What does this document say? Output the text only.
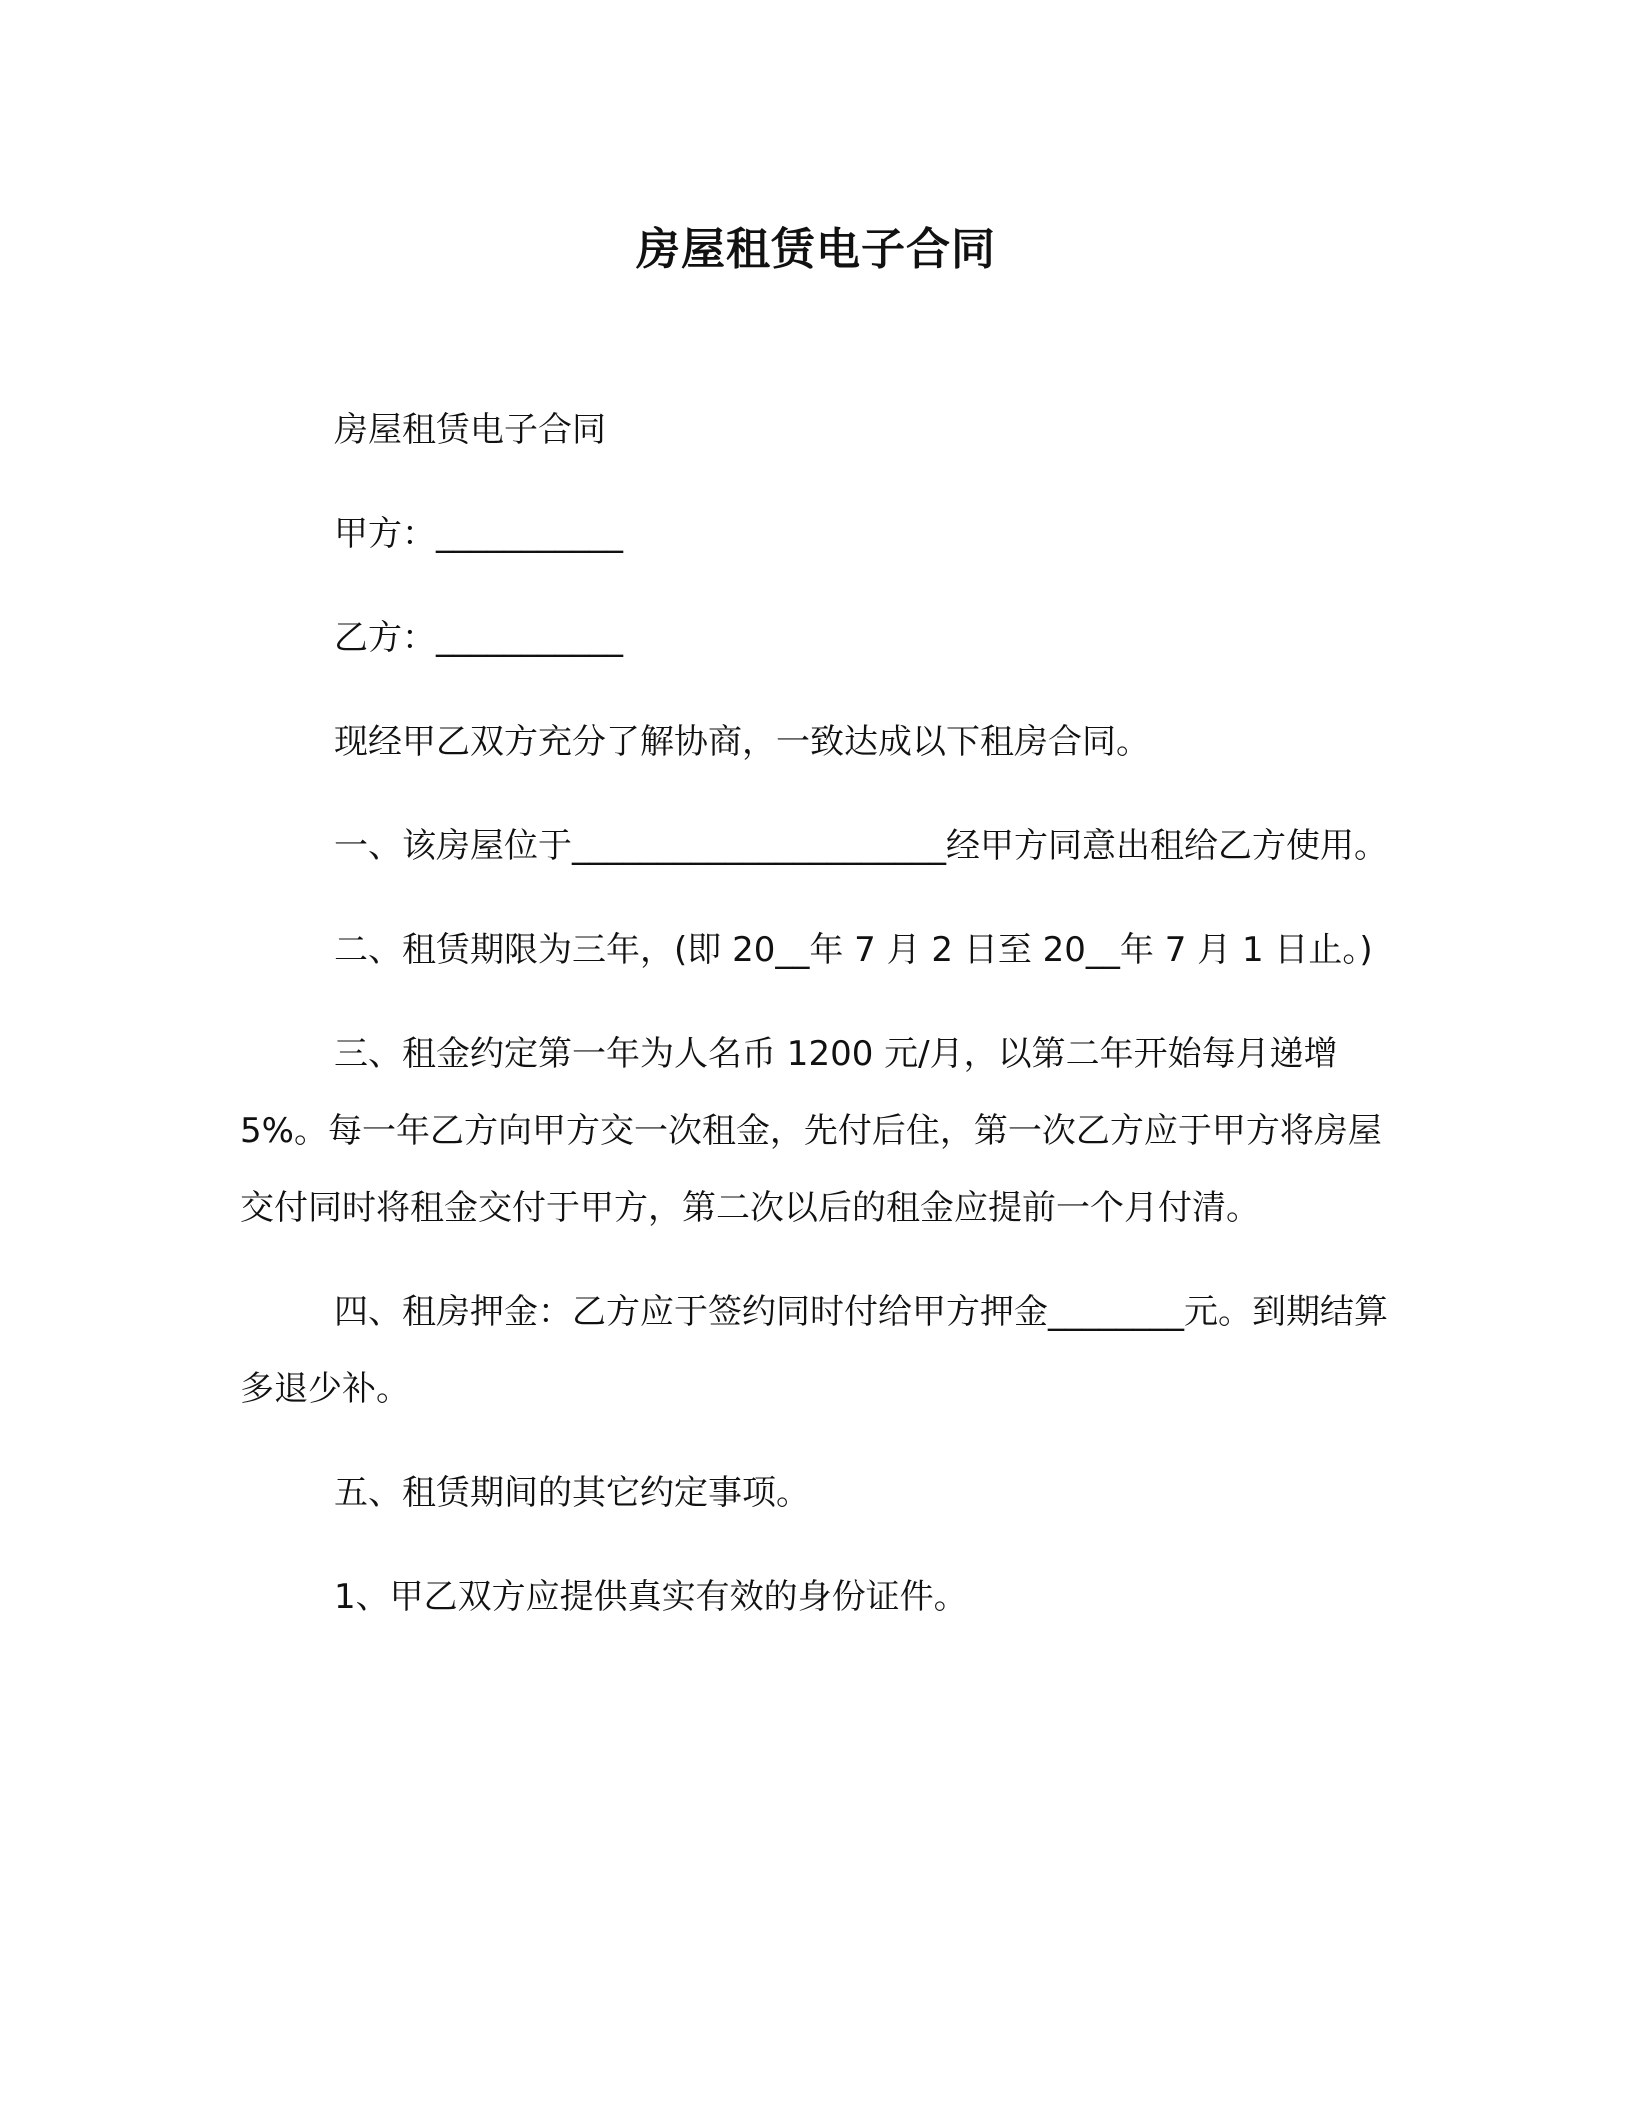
房屋租赁电子合同

房屋租赁电子合同

甲方：___________

乙方：___________

现经甲乙双方充分了解协商，一致达成以下租房合同。

一、该房屋位于______________________经甲方同意出租给乙方使用。

二、租赁期限为三年，(即 20__年 7 月 2 日至 20__年 7 月 1 日止。)

三、租金约定第一年为人名币 1200 元/月，以第二年开始每月递增 5%。每一年乙方向甲方交一次租金，先付后住，第一次乙方应于甲方将房屋交付同时将租金交付于甲方，第二次以后的租金应提前一个月付清。

四、租房押金：乙方应于签约同时付给甲方押金________元。到期结算多退少补。

五、租赁期间的其它约定事项。

1、甲乙双方应提供真实有效的身份证件。
